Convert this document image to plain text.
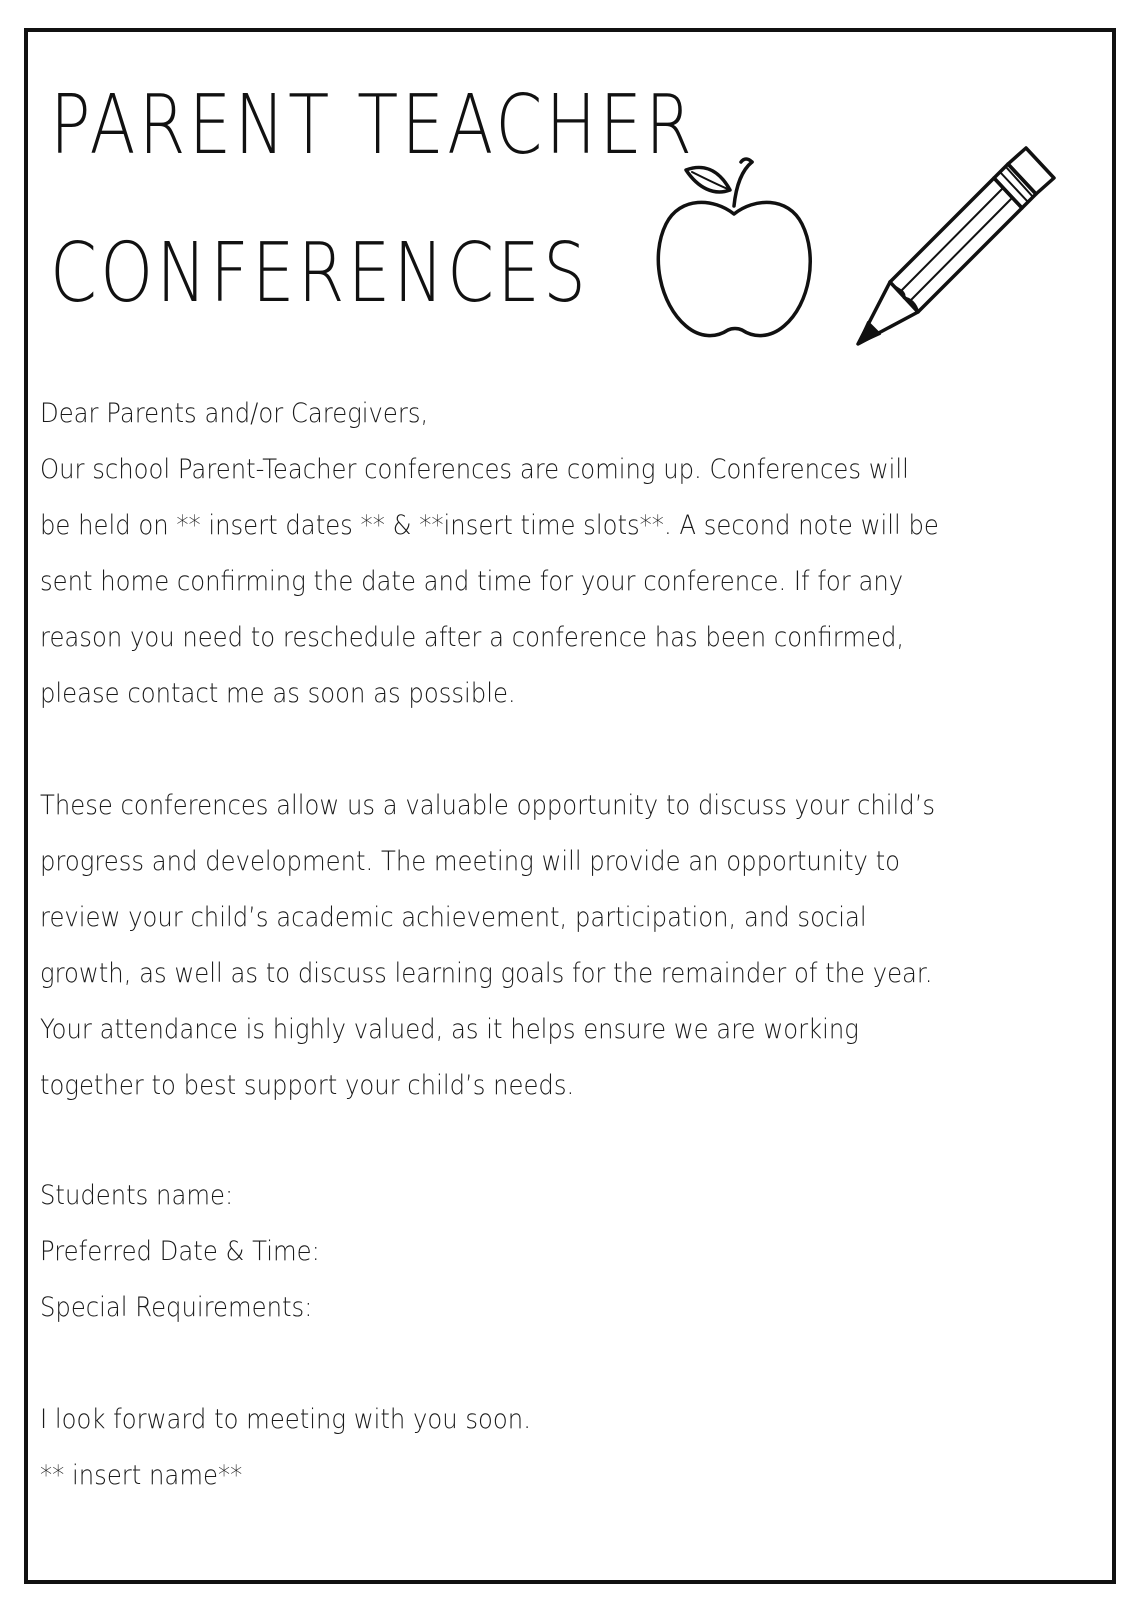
PARENT TEACHER
CONFERENCES

Dear Parents and/or Caregivers,
Our school Parent-Teacher conferences are coming up. Conferences will
be held on ** insert dates ** & **insert time slots**. A second note will be
sent home confirming the date and time for your conference. If for any
reason you need to reschedule after a conference has been confirmed,
please contact me as soon as possible.

These conferences allow us a valuable opportunity to discuss your child’s
progress and development. The meeting will provide an opportunity to
review your child’s academic achievement, participation, and social
growth, as well as to discuss learning goals for the remainder of the year.
Your attendance is highly valued, as it helps ensure we are working
together to best support your child’s needs.

Students name:
Preferred Date & Time:
Special Requirements:

I look forward to meeting with you soon.
** insert name**
